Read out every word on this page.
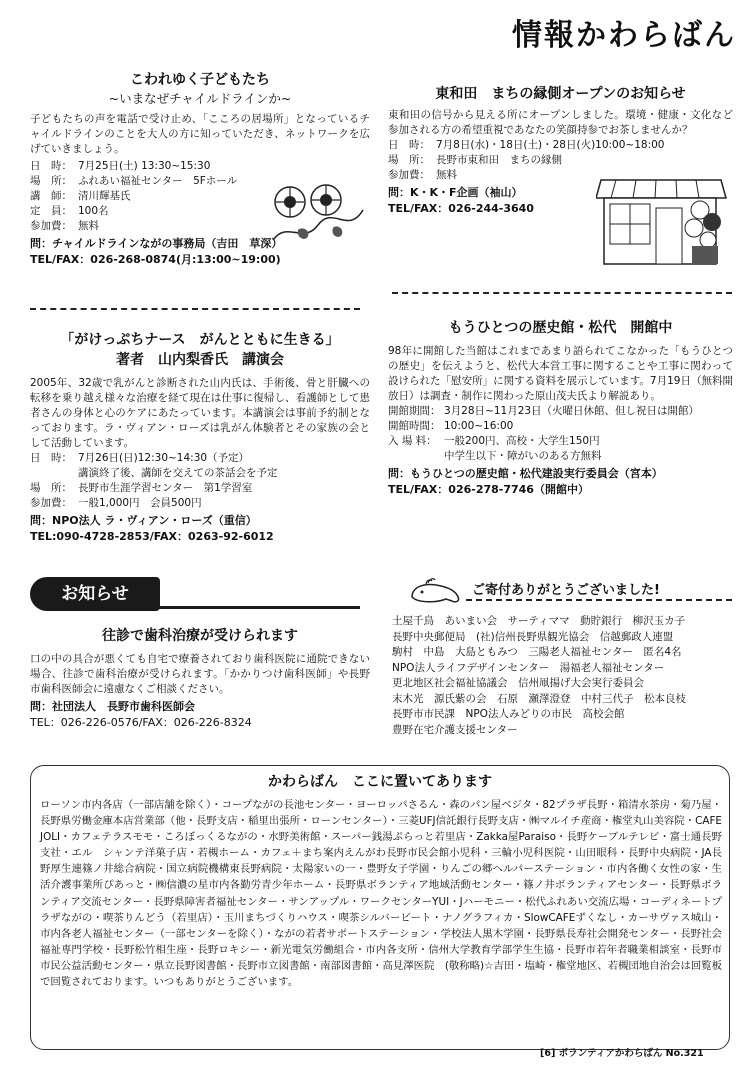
情報かわらばん
こわれゆく子どもたち
~いまなぜチャイルドラインか~
子どもたちの声を電話で受け止め、「こころの居場所」となっているチャイルドラインのことを大人の方に知っていただき、ネットワークを広げていきましょう。
日　時： 7月25日(土) 13:30~15:30
場　所： ふれあい福祉センター　5Fホール
講　師： 清川輝基氏
定　員： 100名
参加費： 無料
問：チャイルドラインながの事務局（吉田　草深）
TEL/FAX：026-268-0874(月:13:00~19:00)
東和田　まちの縁側オープンのお知らせ
東和田の信号から見える所にオープンしました。環境・健康・文化など参加される方の希望重視であなたの笑顔持参でお茶しませんか？
日　時： 7月8日(水)・18日(土)・28日(火)10:00~18:00
場　所： 長野市東和田　まちの縁側
参加費： 無料
問：K・K・F企画（袖山）
TEL/FAX：026-244-3640
「がけっぷちナース　がんとともに生きる」
著者　山内梨香氏　講演会
2005年、32歳で乳がんと診断された山内氏は、手術後、骨と肝臓への転移を乗り越え様々な治療を経て現在は仕事に復帰し、看護師として患者さんの身体と心のケアにあたっています。本講演会は事前予約制となっております。ラ・ヴィアン・ローズは乳がん体験者とその家族の会として活動しています。
日　時： 7月26日(日)12:30~14:30（予定）
講演終了後、講師を交えての茶話会を予定
場　所： 長野市生涯学習センター　第1学習室
参加費： 一般1,000円　会員500円
問：NPO法人 ラ・ヴィアン・ローズ（重信）
TEL:090-4728-2853/FAX：0263-92-6012
もうひとつの歴史館・松代　開館中
98年に開館した当館はこれまであまり語られてこなかった「もうひとつの歴史」を伝えようと、松代大本営工事に関することや工事に関わって設けられた「慰安所」に関する資料を展示しています。7月19日（無料開放日）は調査・制作に関わった原山茂夫氏より解説あり。
開館期間： 3月28日~11月23日（火曜日休館、但し祝日は開館）
開館時間： 10:00~16:00
入 場 料： 一般200円、高校・大学生150円
中学生以下・障がいのある方無料
問：もうひとつの歴史館・松代建設実行委員会（宮本）
TEL/FAX：026-278-7746（開館中）
お知らせ
往診で歯科治療が受けられます
口の中の具合が悪くても自宅で療養されており歯科医院に通院できない場合、往診で歯科治療が受けられます。「かかりつけ歯科医師」や長野市歯科医師会に遠慮なくご相談ください。
問：社団法人　長野市歯科医師会
TEL：026-226-0576/FAX：026-226-8324
ご寄付ありがとうございました!
土屋千鳥　あいまい会　サーティママ　動貯銀行　柳沢玉カ子
長野中央郵便局　(社)信州長野県観光協会　信越郵政人連盟
駒村　中島　大島ともみつ　三陽老人福祉センター　匿名4名
NPO法人ライフデザインセンター　湯福老人福祉センター
更北地区社会福祉協議会　信州凧揚げ大会実行委員会
末木光　源氏紫の会　石原　瀬澤澄登　中村三代子　松本良枝
長野市市民課　NPO法人みどりの市民　高校会館
豊野在宅介護支援センター
かわらばん　ここに置いてあります
ローソン市内各店（一部店舗を除く）・コープながの長池センター・ヨーロッパさるん・森のパン屋ベジタ・82プラザ長野・箱清水茶房・菊乃屋・長野県労働金庫本店営業部（他・長野支店・稲里出張所・ローンセンター）・三菱UFJ信託銀行長野支店・㈱マルイチ産商・権堂丸山美容院・CAFE JOLI・カフェテラスモモ・ころぼっくるながの・水野美術館・スーパー銭湯ぷらっと若里店・Zakka屋Paraiso・長野ケーブルテレビ・富士通長野支社・エル　シャンテ洋菓子店・若槻ホーム・カフェ＋まち案内えんがわ長野市民会館小児科・三輪小児科医院・山田眼科・長野中央病院・JA長野厚生連篠ノ井総合病院・国立病院機構東長野病院・太陽家いの一・豊野女子学園・りんごの郷ヘルパーステーション・市内各働く女性の家・生活介護事業所ぴあっと・㈱信濃の星市内各勤労青少年ホーム・長野県ボランティア地域活動センター・篠ノ井ボランティアセンター・長野県ボランティア交流センター・長野県障害者福祉センター・サンアップル・ワークセンターYUI・Jハーモニー・松代ふれあい交流広場・コーディネートプラザながの・喫茶りんどう（若里店）・玉川まちづくりハウス・喫茶シルバービート・ナノグラフィカ・SlowCAFEずくなし・カーサヴァス城山・市内各老人福祉センター（一部センターを除く）・ながの若者サポートステーション・学校法人黒木学園・長野県長寿社会開発センター・長野社会福祉専門学校・長野松竹相生座・長野ロキシー・新光電気労働組合・市内各支所・信州大学教育学部学生生協・長野市若年者職業相談室・長野市市民公益活動センター・県立長野図書館・長野市立図書館・南部図書館・高見澤医院　(敬称略)☆吉田・塩崎・権堂地区、若槻団地自治会は回覧板で回覧されております。いつもありがとうございます。
[6] ボランティアかわらばん No.321
